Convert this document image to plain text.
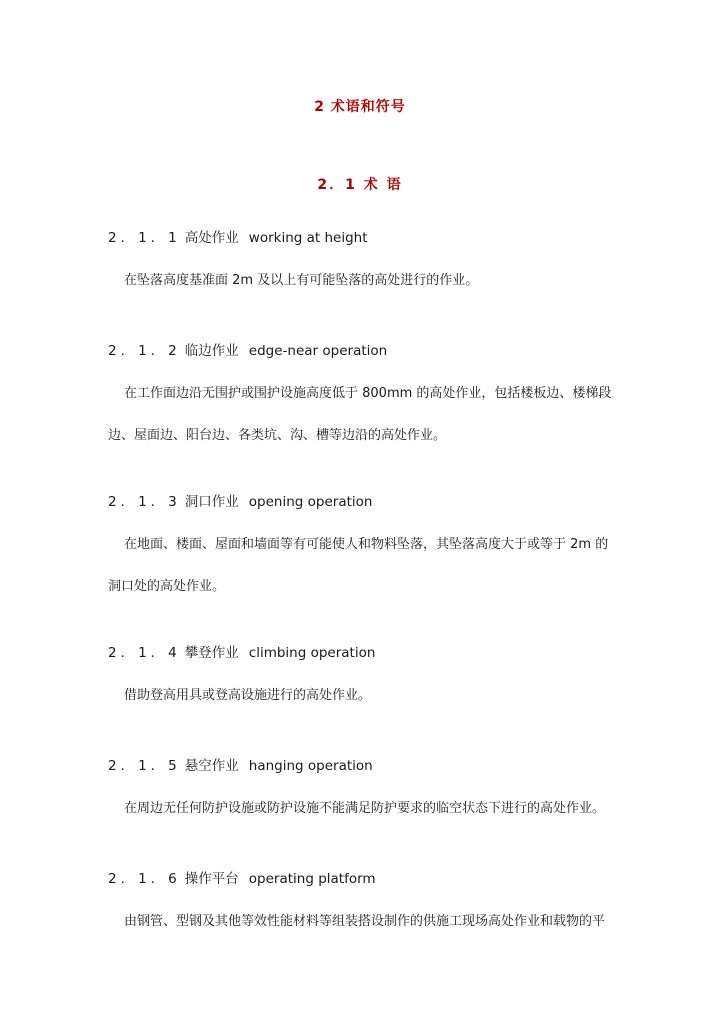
2 术语和符号
2．1 术 语
2．1．1 高处作业 working at height
在坠落高度基准面 2m 及以上有可能坠落的高处进行的作业。
2．1．2 临边作业 edge-near operation
在工作面边沿无围护或围护设施高度低于 800mm 的高处作业，包括楼板边、楼梯段边、屋面边、阳台边、各类坑、沟、槽等边沿的高处作业。
2．1．3 洞口作业 opening operation
在地面、楼面、屋面和墙面等有可能使人和物料坠落，其坠落高度大于或等于 2m 的洞口处的高处作业。
2．1．4 攀登作业 climbing operation
借助登高用具或登高设施进行的高处作业。
2．1．5 悬空作业 hanging operation
在周边无任何防护设施或防护设施不能满足防护要求的临空状态下进行的高处作业。
2．1．6 操作平台 operating platform
由钢管、型钢及其他等效性能材料等组装搭设制作的供施工现场高处作业和载物的平
